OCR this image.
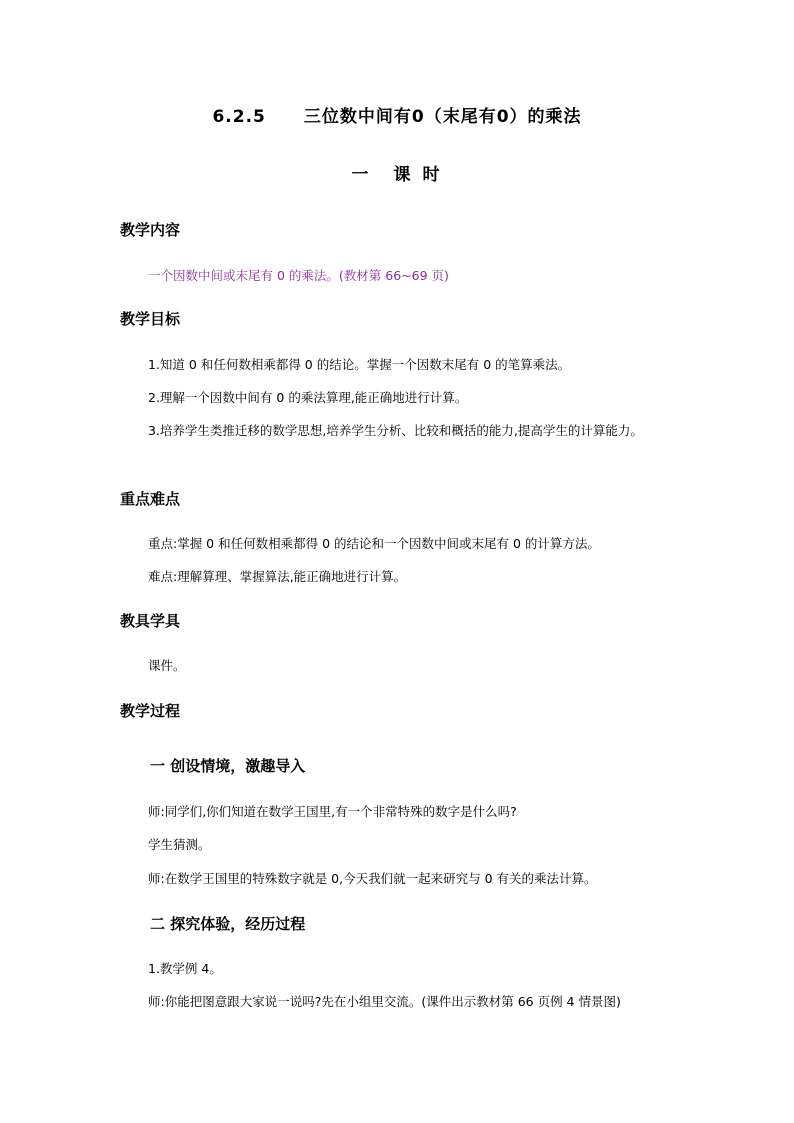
6.2.5 三位数中间有0（末尾有0）的乘法
一 课 时
教学内容
一个因数中间或末尾有 0 的乘法。(教材第 66~69 页)
教学目标
1.知道 0 和任何数相乘都得 0 的结论。掌握一个因数末尾有 0 的笔算乘法。
2.理解一个因数中间有 0 的乘法算理,能正确地进行计算。
3.培养学生类推迁移的数学思想,培养学生分析、比较和概括的能力,提高学生的计算能力。
重点难点
重点:掌握 0 和任何数相乘都得 0 的结论和一个因数中间或末尾有 0 的计算方法。
难点:理解算理、掌握算法,能正确地进行计算。
教具学具
课件。
教学过程
一 创设情境，激趣导入
师:同学们,你们知道在数学王国里,有一个非常特殊的数字是什么吗?
学生猜测。
师:在数学王国里的特殊数字就是 0,今天我们就一起来研究与 0 有关的乘法计算。
二 探究体验，经历过程
1.教学例 4。
师:你能把图意跟大家说一说吗?先在小组里交流。(课件出示教材第 66 页例 4 情景图)
